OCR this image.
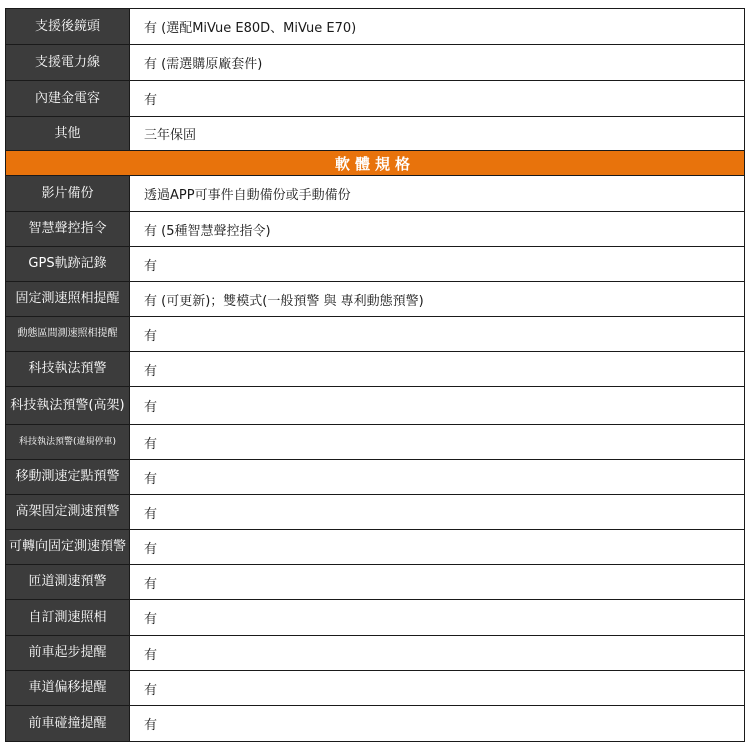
支援後鏡頭	有 (選配MiVue E80D、MiVue E70)
支援電力線	有 (需選購原廠套件)
內建金電容	有
其他	三年保固
軟體規格
影片備份	透過APP可事件自動備份或手動備份
智慧聲控指令	有 (5種智慧聲控指令)
GPS軌跡記錄	有
固定測速照相提醒	有 (可更新)；雙模式(一般預警 與 專利動態預警)
動態區間測速照相提醒	有
科技執法預警	有
科技執法預警(高架)	有
科技執法預警(違規停車)	有
移動測速定點預警	有
高架固定測速預警	有
可轉向固定測速預警	有
匝道測速預警	有
自訂測速照相	有
前車起步提醒	有
車道偏移提醒	有
前車碰撞提醒	有
